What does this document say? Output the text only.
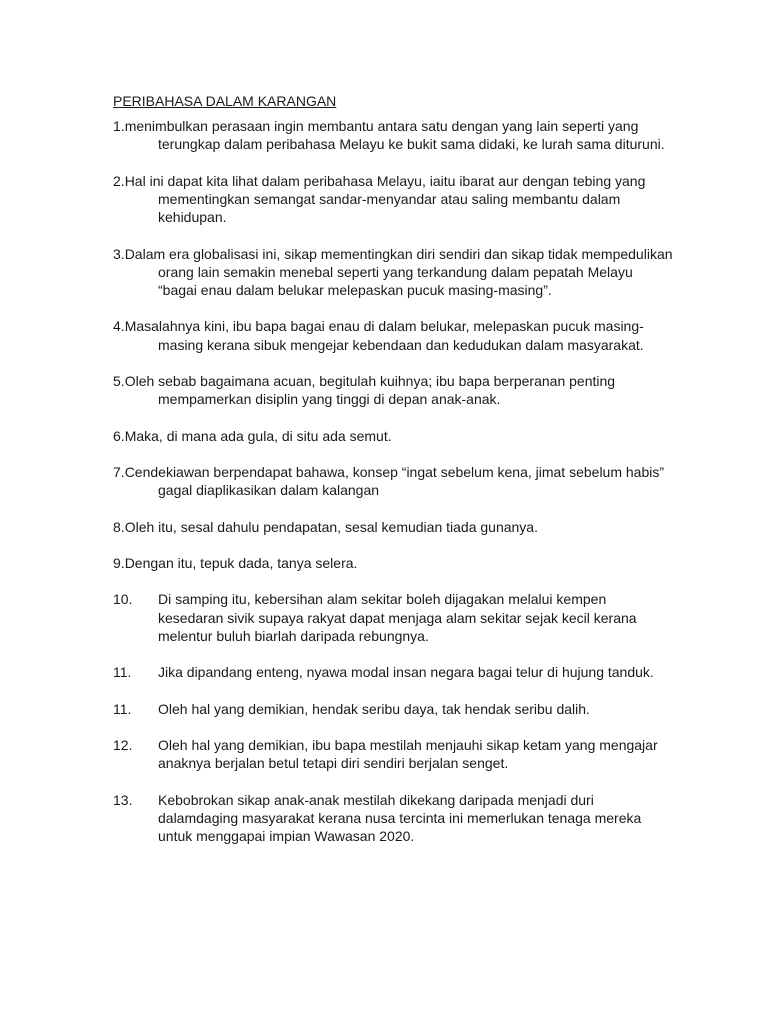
PERIBAHASA DALAM KARANGAN
1.menimbulkan perasaan ingin membantu antara satu dengan yang lain seperti yang terungkap dalam peribahasa Melayu ke bukit sama didaki, ke lurah sama dituruni.
2.Hal ini dapat kita lihat dalam peribahasa Melayu, iaitu ibarat aur dengan tebing yang mementingkan semangat sandar-menyandar atau saling membantu dalam kehidupan.
3.Dalam era globalisasi ini, sikap mementingkan diri sendiri dan sikap tidak mempedulikan orang lain semakin menebal seperti yang terkandung dalam pepatah Melayu “bagai enau dalam belukar melepaskan pucuk masing-masing”.
4.Masalahnya kini, ibu bapa bagai enau di dalam belukar, melepaskan pucuk masing- masing kerana sibuk mengejar kebendaan dan kedudukan dalam masyarakat.
5.Oleh sebab bagaimana acuan, begitulah kuihnya; ibu bapa berperanan penting mempamerkan disiplin yang tinggi di depan anak-anak.
6.Maka, di mana ada gula, di situ ada semut.
7.Cendekiawan berpendapat bahawa, konsep “ingat sebelum kena, jimat sebelum habis” gagal diaplikasikan dalam kalangan
8.Oleh itu, sesal dahulu pendapatan, sesal kemudian tiada gunanya.
9.Dengan itu, tepuk dada, tanya selera.
10.	Di samping itu, kebersihan alam sekitar boleh dijagakan melalui kempen kesedaran sivik supaya rakyat dapat menjaga alam sekitar sejak kecil kerana melentur buluh biarlah daripada rebungnya.
11.	Jika dipandang enteng, nyawa modal insan negara bagai telur di hujung tanduk.
11.	Oleh hal yang demikian, hendak seribu daya, tak hendak seribu dalih.
12.	Oleh hal yang demikian, ibu bapa mestilah menjauhi sikap ketam yang mengajar anaknya berjalan betul tetapi diri sendiri berjalan senget.
13.	Kebobrokan sikap anak-anak mestilah dikekang daripada menjadi duri dalamdaging masyarakat kerana nusa tercinta ini memerlukan tenaga mereka untuk menggapai impian Wawasan 2020.
